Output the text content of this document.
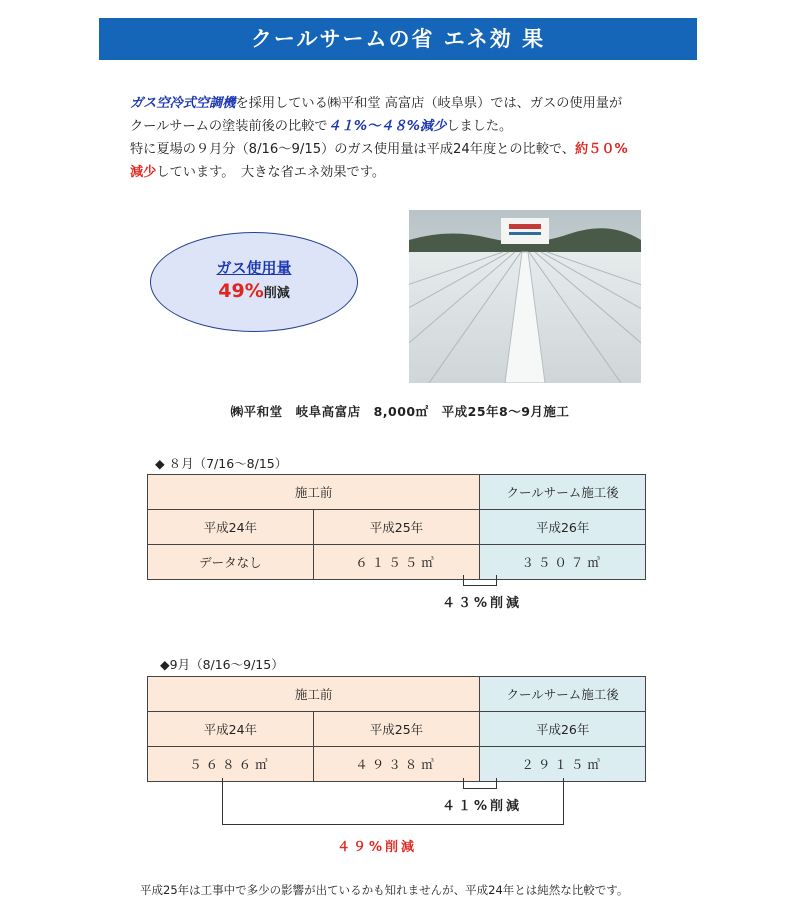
クールサームの省 エネ効 果

ガス空冷式空調機を採用している㈱平和堂 高富店（岐阜県）では、ガスの使用量が

クールサームの塗装前後の比較で４１%～４８%減少しました。

特に夏場の９月分（8/16～9/15）のガス使用量は平成24年度との比較で、約５０%

減少しています。　大きな省エネ効果です。

ガス使用量
49%削減
㈱平和堂　岐阜高富店　8,000㎡　平成25年8～9月施工
◆ ８月（7/16～8/15）
施工前		クールサーム施工後
平成24年	平成25年	平成26年
データなし	６１５５㎥	３５０７㎥
４３%削減
◆9月（8/16～9/15）
施工前		クールサーム施工後
平成24年	平成25年	平成26年
５６８６㎥	４９３８㎥	２９１５㎥
４１%削減
４９%削減
平成25年は工事中で多少の影響が出ているかも知れませんが、平成24年とは純然な比較です。
